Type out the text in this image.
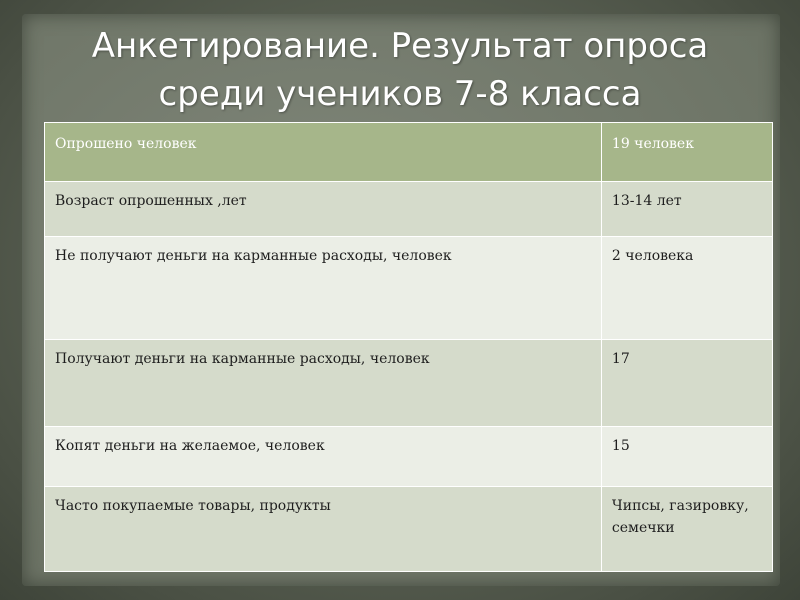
Анкетирование. Результат опроса
среди учеников 7-8 класса
Опрошено человек	19 человек
Возраст опрошенных ,лет	13-14 лет
Не получают деньги на карманные расходы, человек	2 человека
Получают деньги на карманные расходы, человек	17
Копят деньги на желаемое, человек	15
Часто покупаемые товары, продукты	Чипсы, газировку, семечки
